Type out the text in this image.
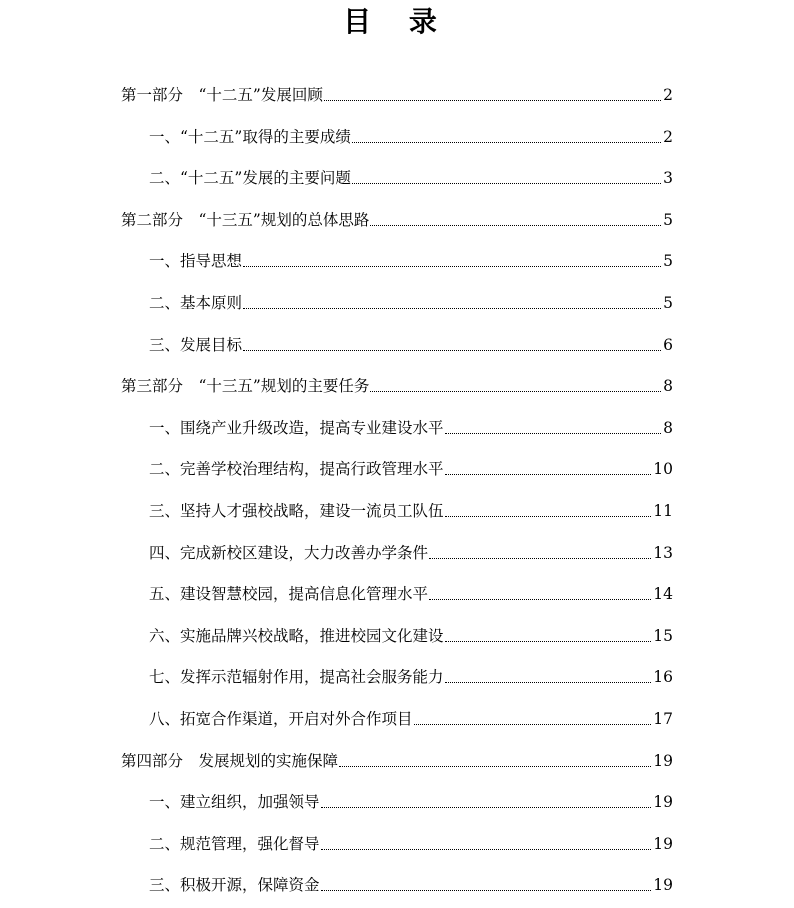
目 录
第一部分　“十二五”发展回顾	2
一、“十二五”取得的主要成绩	2
二、“十二五”发展的主要问题	3
第二部分　“十三五”规划的总体思路	5
一、指导思想	5
二、基本原则	5
三、发展目标	6
第三部分　“十三五”规划的主要任务	8
一、围绕产业升级改造，提高专业建设水平	8
二、完善学校治理结构，提高行政管理水平	10
三、坚持人才强校战略，建设一流员工队伍	11
四、完成新校区建设，大力改善办学条件	13
五、建设智慧校园，提高信息化管理水平	14
六、实施品牌兴校战略，推进校园文化建设	15
七、发挥示范辐射作用，提高社会服务能力	16
八、拓宽合作渠道，开启对外合作项目	17
第四部分　发展规划的实施保障	19
一、建立组织，加强领导	19
二、规范管理，强化督导	19
三、积极开源，保障资金	19
